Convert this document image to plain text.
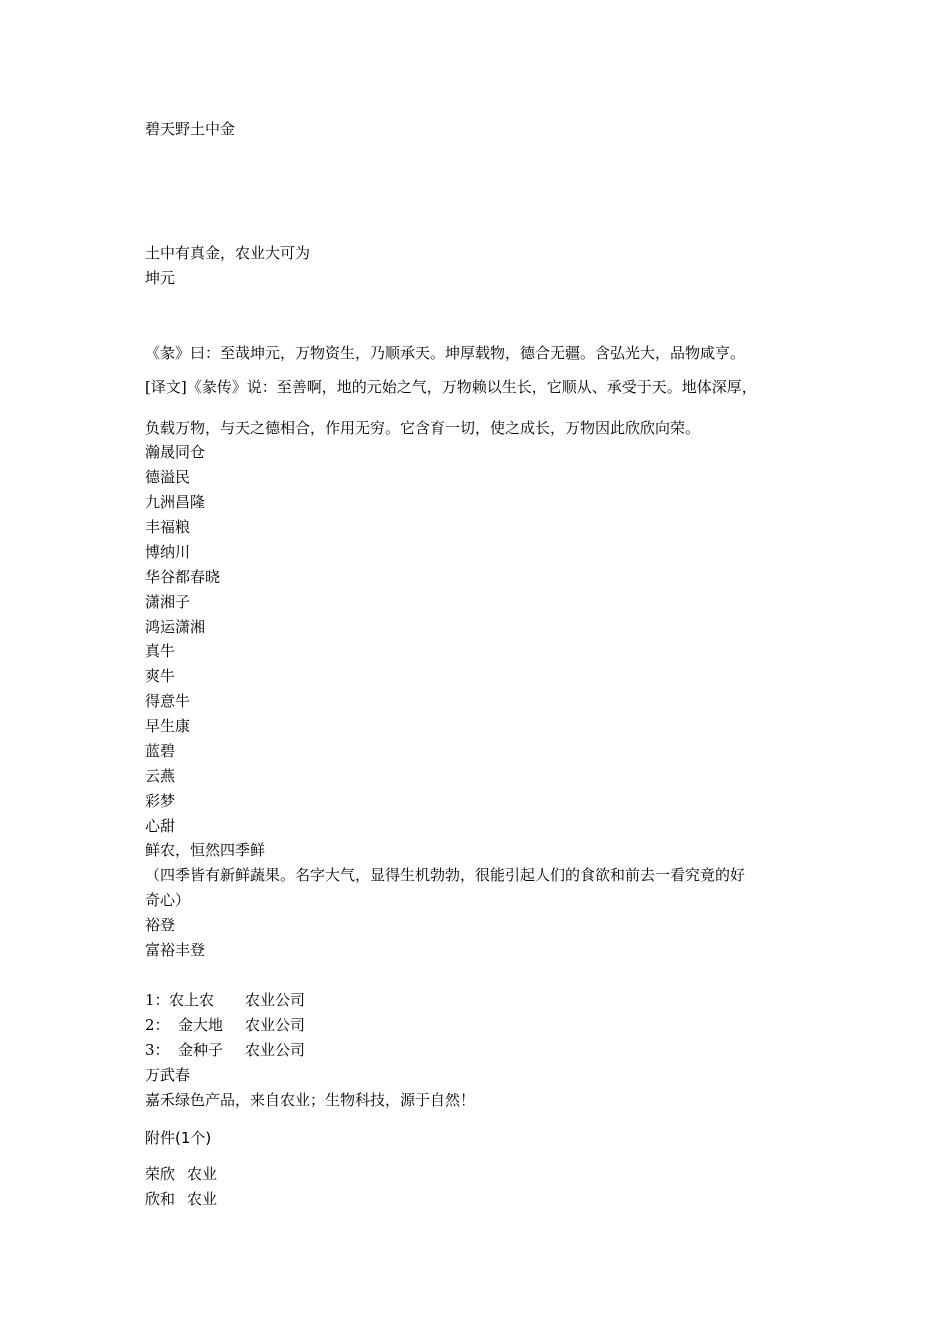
碧天野土中金
土中有真金，农业大可为
坤元
《彖》曰：至哉坤元，万物资生，乃顺承天。坤厚载物，德合无疆。含弘光大，品物咸亨。
[译文]《彖传》说：至善啊，地的元始之气，万物赖以生长，它顺从、承受于天。地体深厚，
负载万物，与天之德相合，作用无穷。它含育一切，使之成长，万物因此欣欣向荣。
瀚晟同仓
德溢民
九洲昌隆
丰福粮
博纳川
华谷都春晓
潇湘子
鸿运潇湘
真牛
爽牛
得意牛
早生康
蓝碧
云燕
彩梦
心甜
鲜农，恒然四季鲜
（四季皆有新鲜蔬果。名字大气，显得生机勃勃，很能引起人们的食欲和前去一看究竟的好
奇心）
裕登
富裕丰登
1：农上农 农业公司
2： 金大地 农业公司
3： 金种子 农业公司
万武春
嘉禾绿色产品，来自农业；生物科技，源于自然！
附件(1个)
荣欣 农业
欣和 农业
